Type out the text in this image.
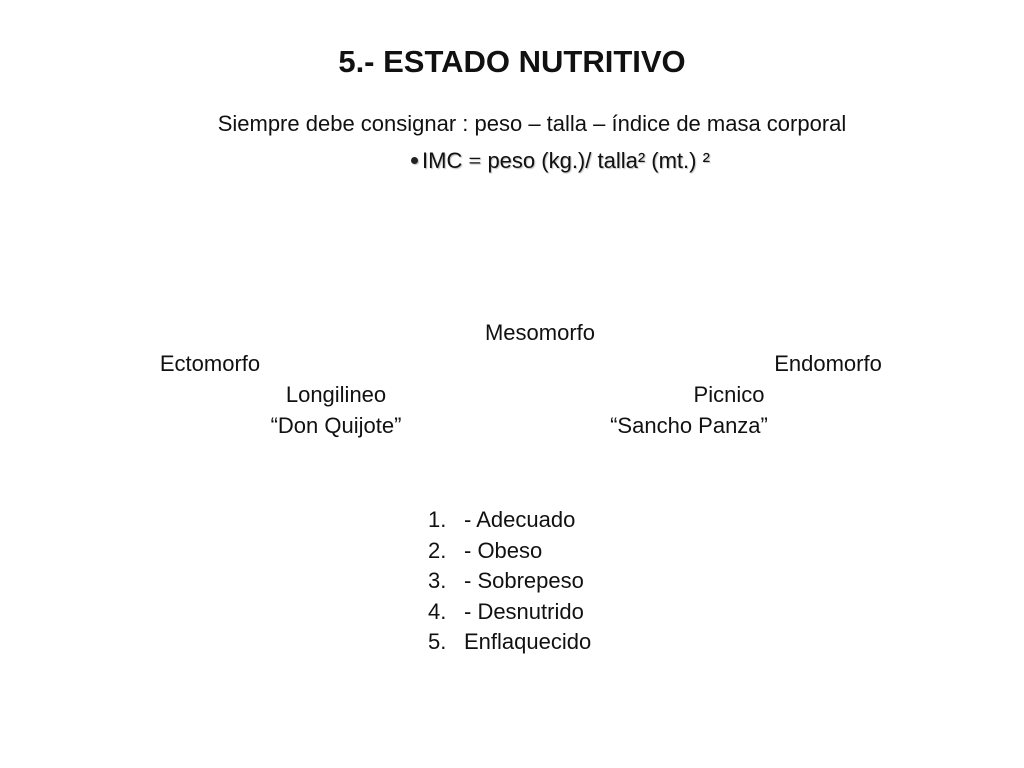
5.- ESTADO NUTRITIVO
Siempre debe consignar : peso – talla – índice de masa corporal
IMC = peso (kg.)/ talla² (mt.) ²
Mesomorfo
Ectomorfo
Longilineo
“Don Quijote”
Endomorfo
Picnico
“Sancho Panza”
1. - Adecuado
2. - Obeso
3. - Sobrepeso
4. - Desnutrido
5. Enflaquecido
